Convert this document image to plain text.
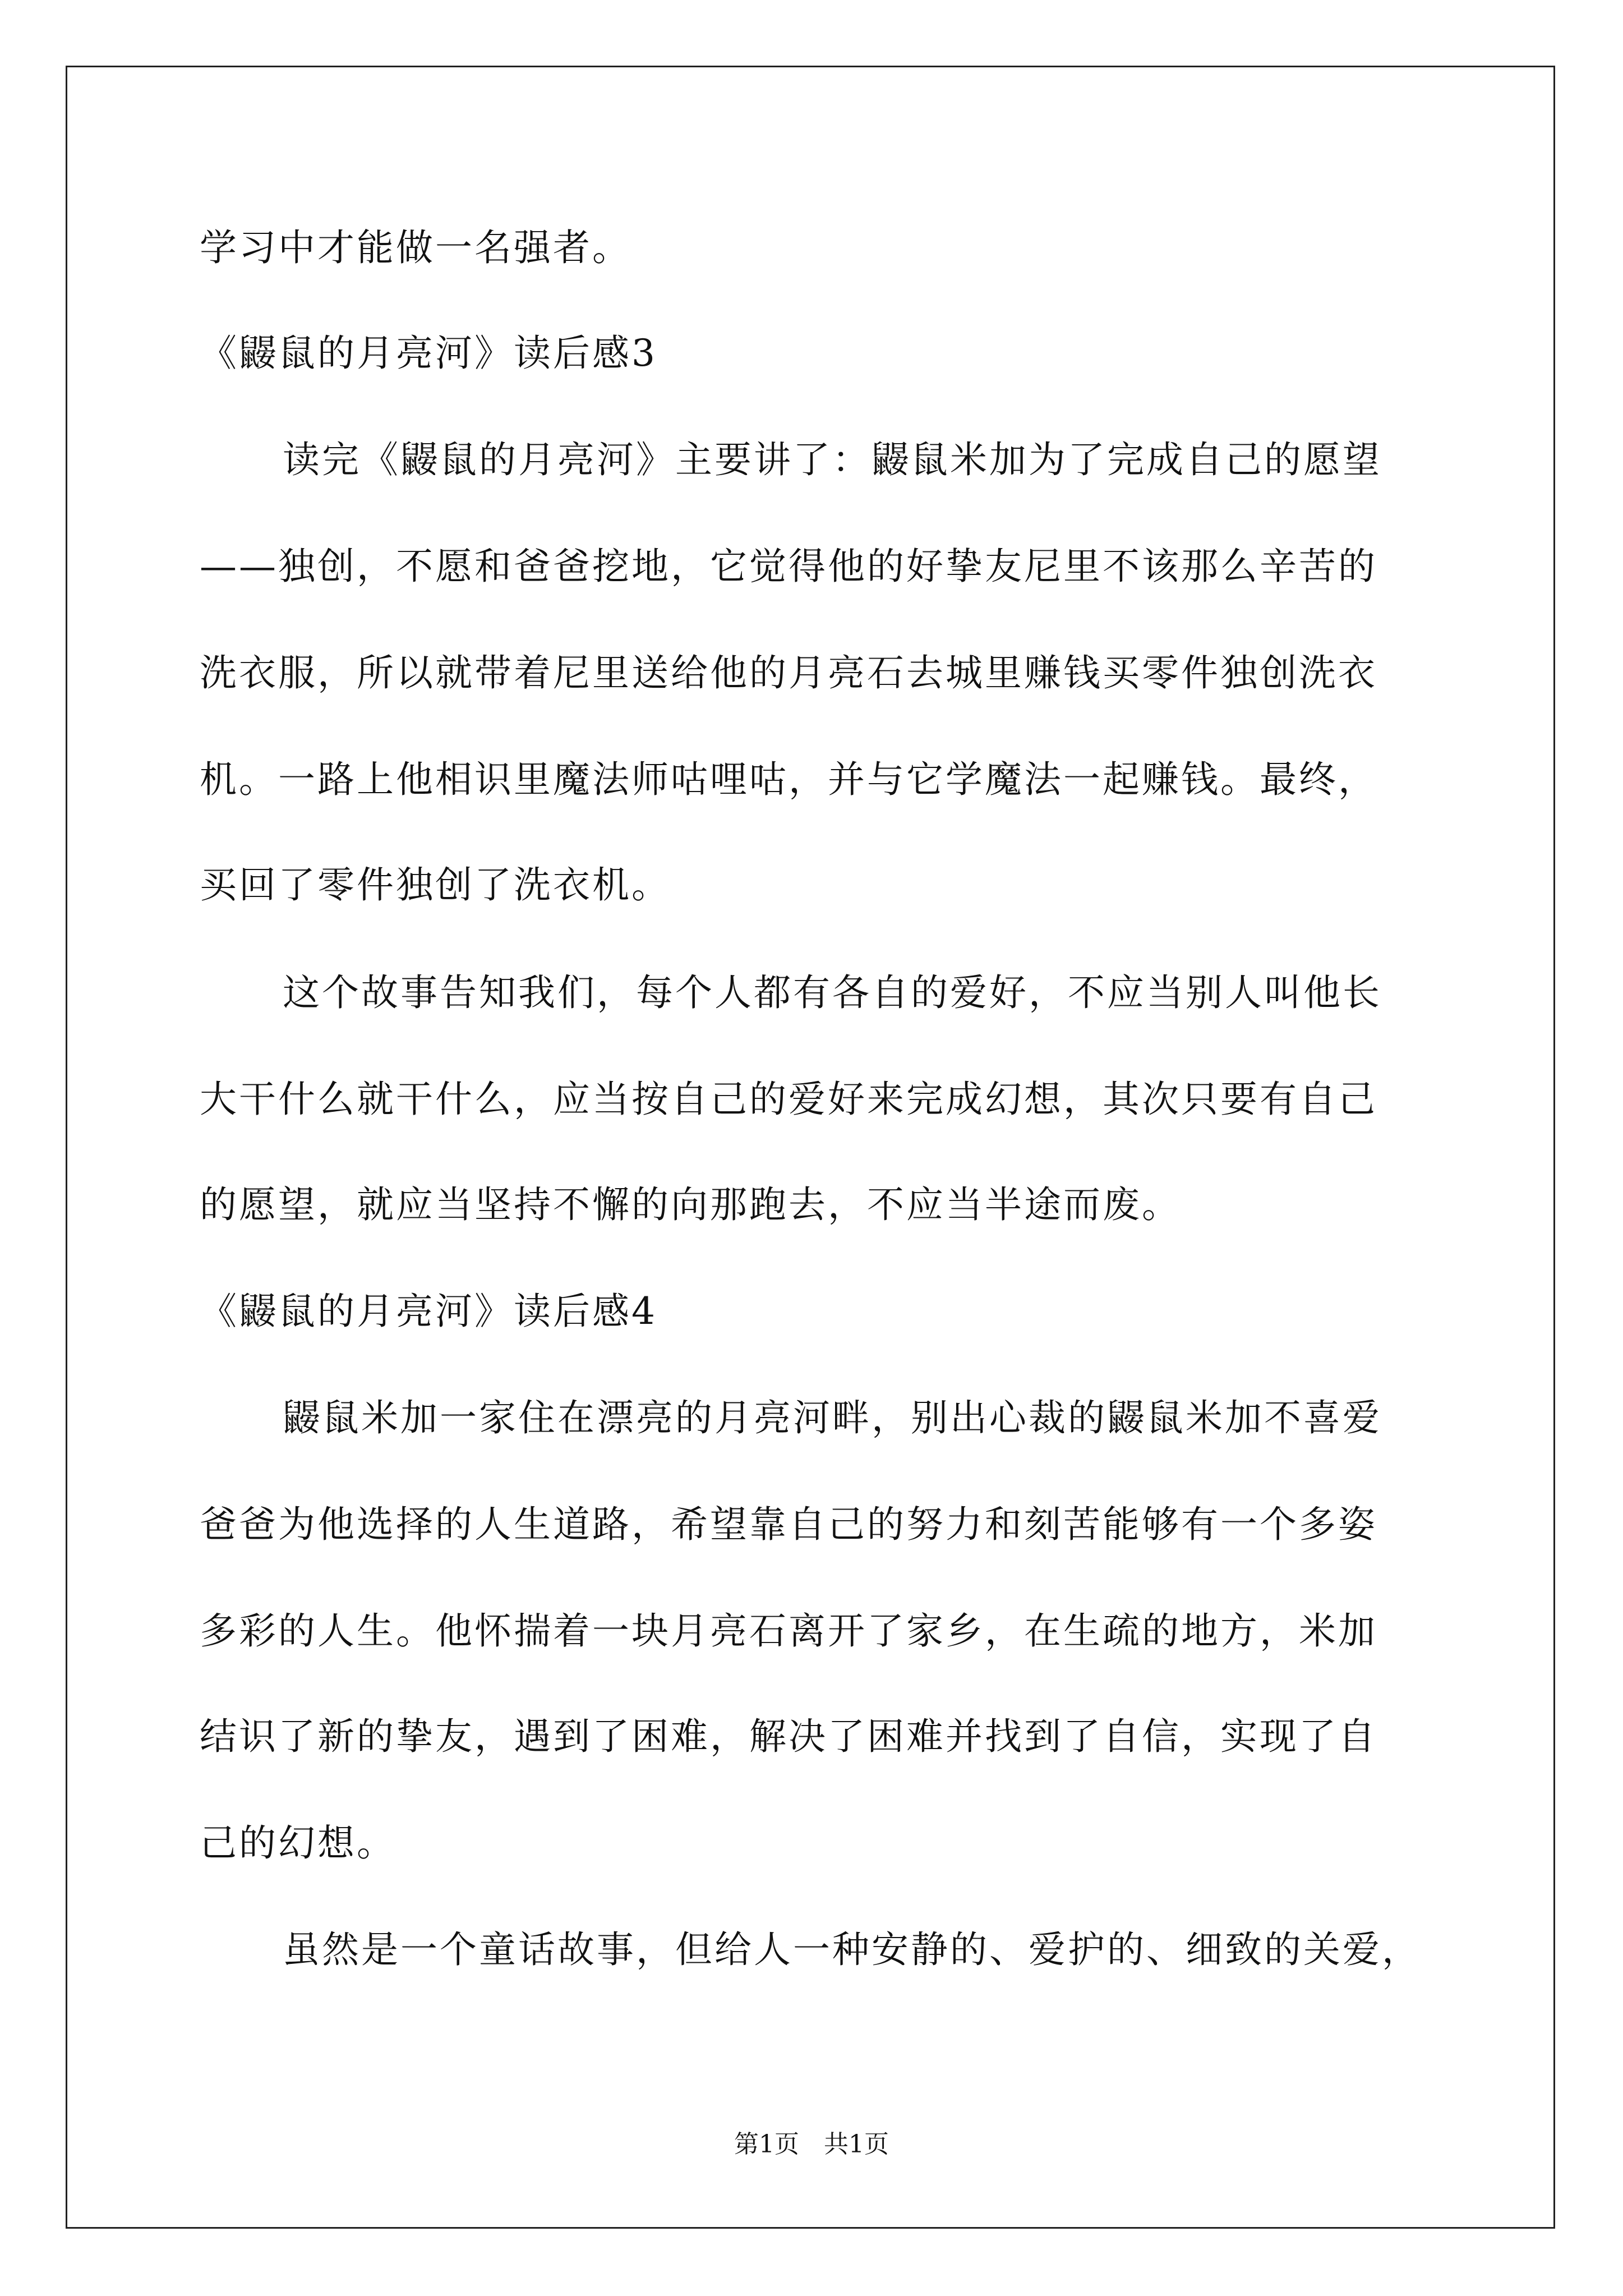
学习中才能做一名强者。
《鼹鼠的月亮河》读后感3
读完《鼹鼠的月亮河》主要讲了：鼹鼠米加为了完成自己的愿望
——独创，不愿和爸爸挖地，它觉得他的好挚友尼里不该那么辛苦的
洗衣服，所以就带着尼里送给他的月亮石去城里赚钱买零件独创洗衣
机。一路上他相识里魔法师咕哩咕，并与它学魔法一起赚钱。最终，
买回了零件独创了洗衣机。
这个故事告知我们，每个人都有各自的爱好，不应当别人叫他长
大干什么就干什么，应当按自己的爱好来完成幻想，其次只要有自己
的愿望，就应当坚持不懈的向那跑去，不应当半途而废。
《鼹鼠的月亮河》读后感4
鼹鼠米加一家住在漂亮的月亮河畔，别出心裁的鼹鼠米加不喜爱
爸爸为他选择的人生道路，希望靠自己的努力和刻苦能够有一个多姿
多彩的人生。他怀揣着一块月亮石离开了家乡，在生疏的地方，米加
结识了新的挚友，遇到了困难，解决了困难并找到了自信，实现了自
己的幻想。
虽然是一个童话故事，但给人一种安静的、爱护的、细致的关爱，
第1页　共1页
